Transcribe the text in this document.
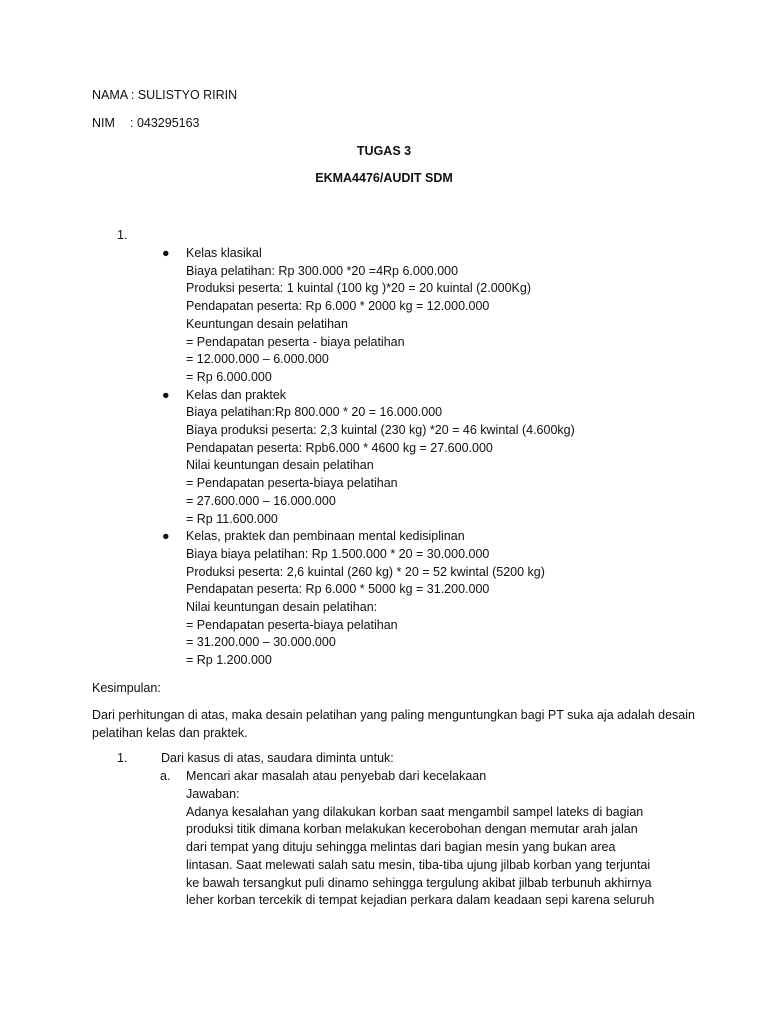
NAMA : SULISTYO RIRIN
NIM : 043295163
TUGAS 3
EKMA4476/AUDIT SDM
1.
● Kelas klasikal
Biaya pelatihan: Rp 300.000 *20 =4Rp 6.000.000
Produksi peserta: 1 kuintal (100 kg )*20 = 20 kuintal (2.000Kg)
Pendapatan peserta: Rp 6.000 * 2000 kg = 12.000.000
Keuntungan desain pelatihan
= Pendapatan peserta - biaya pelatihan
= 12.000.000 – 6.000.000
= Rp 6.000.000
● Kelas dan praktek
Biaya pelatihan:Rp 800.000 * 20 = 16.000.000
Biaya produksi peserta: 2,3 kuintal (230 kg) *20 = 46 kwintal (4.600kg)
Pendapatan peserta: Rpb6.000 * 4600 kg = 27.600.000
Nilai keuntungan desain pelatihan
= Pendapatan peserta-biaya pelatihan
= 27.600.000 – 16.000.000
= Rp 11.600.000
● Kelas, praktek dan pembinaan mental kedisiplinan
Biaya biaya pelatihan: Rp 1.500.000 * 20 = 30.000.000
Produksi peserta: 2,6 kuintal (260 kg) * 20 = 52 kwintal (5200 kg)
Pendapatan peserta: Rp 6.000 * 5000 kg = 31.200.000
Nilai keuntungan desain pelatihan:
= Pendapatan peserta-biaya pelatihan
= 31.200.000 – 30.000.000
= Rp 1.200.000
Kesimpulan:
Dari perhitungan di atas, maka desain pelatihan yang paling menguntungkan bagi PT suka aja adalah desain pelatihan kelas dan praktek.
1.	Dari kasus di atas, saudara diminta untuk:
a. Mencari akar masalah atau penyebab dari kecelakaan
Jawaban:
Adanya kesalahan yang dilakukan korban saat mengambil sampel lateks di bagian
produksi titik dimana korban melakukan kecerobohan dengan memutar arah jalan
dari tempat yang dituju sehingga melintas dari bagian mesin yang bukan area
lintasan. Saat melewati salah satu mesin, tiba-tiba ujung jilbab korban yang terjuntai
ke bawah tersangkut puli dinamo sehingga tergulung akibat jilbab terbunuh akhirnya
leher korban tercekik di tempat kejadian perkara dalam keadaan sepi karena seluruh
